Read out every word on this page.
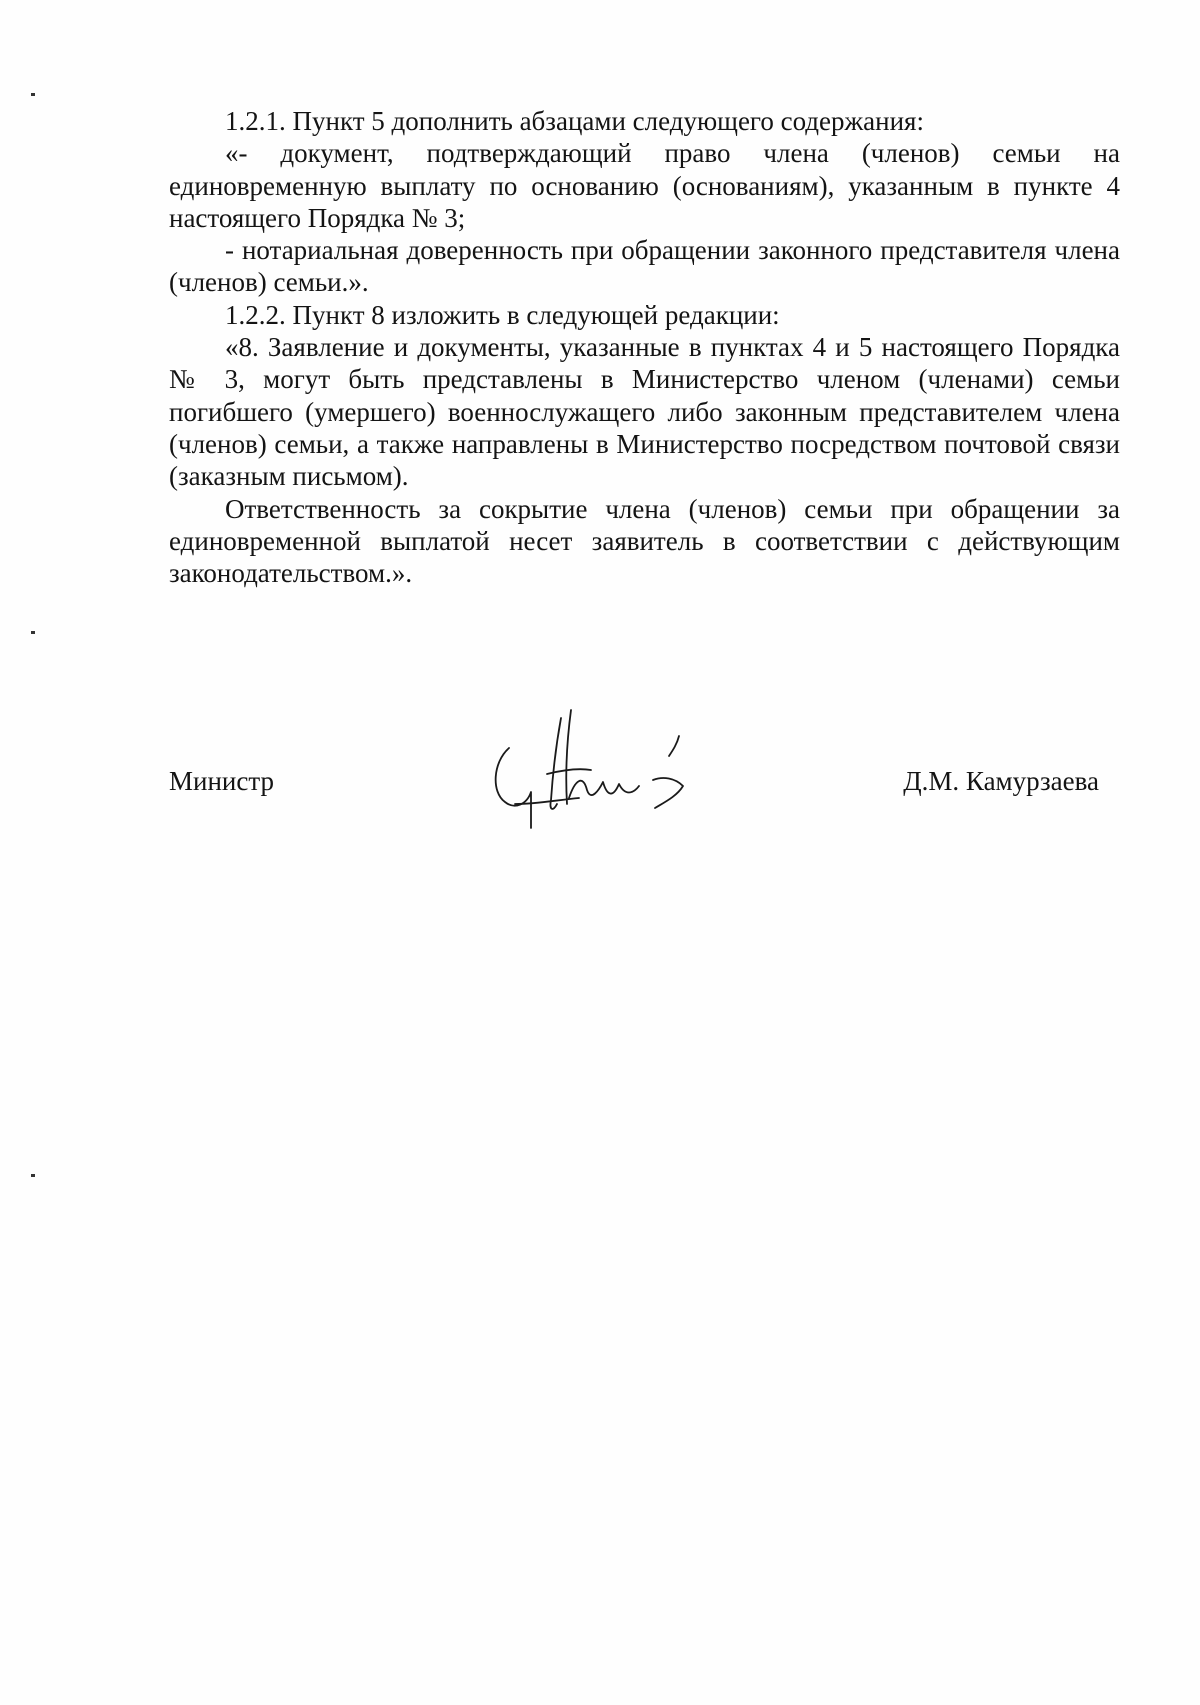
1.2.1. Пункт 5 дополнить абзацами следующего содержания:

«- документ, подтверждающий право члена (членов) семьи на единовременную выплату по основанию (основаниям), указанным в пункте 4 настоящего Порядка № 3;

- нотариальная доверенность при обращении законного представителя члена (членов) семьи.».

1.2.2. Пункт 8 изложить в следующей редакции:

«8. Заявление и документы, указанные в пунктах 4 и 5 настоящего Порядка № 3, могут быть представлены в Министерство членом (членами) семьи погибшего (умершего) военнослужащего либо законным представителем члена (членов) семьи, а также направлены в Министерство посредством почтовой связи (заказным письмом).

Ответственность за сокрытие члена (членов) семьи при обращении за единовременной выплатой несет заявитель в соответствии с действующим законодательством.».

Министр	Д.М. Камурзаева
